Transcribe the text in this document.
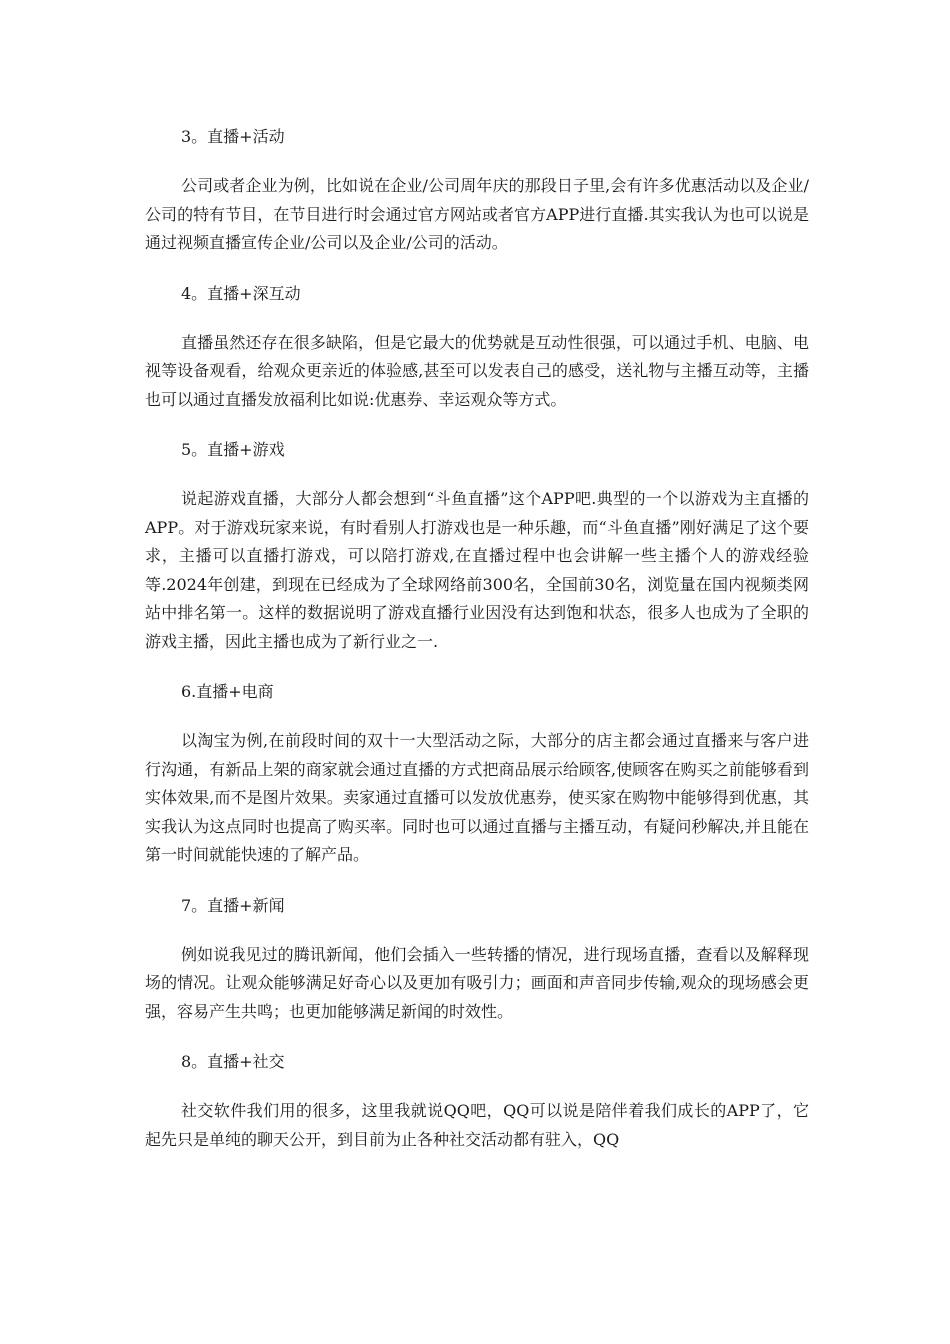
3。直播+活动

公司或者企业为例，比如说在企业/公司周年庆的那段日子里,会有许多优惠活动以及企业/公司的特有节目，在节目进行时会通过官方网站或者官方APP进行直播.其实我认为也可以说是通过视频直播宣传企业/公司以及企业/公司的活动。

4。直播+深互动

直播虽然还存在很多缺陷，但是它最大的优势就是互动性很强，可以通过手机、电脑、电视等设备观看，给观众更亲近的体验感,甚至可以发表自己的感受，送礼物与主播互动等，主播也可以通过直播发放福利比如说:优惠券、幸运观众等方式。

5。直播+游戏

说起游戏直播，大部分人都会想到“斗鱼直播”这个APP吧.典型的一个以游戏为主直播的APP。对于游戏玩家来说，有时看别人打游戏也是一种乐趣，而“斗鱼直播”刚好满足了这个要求，主播可以直播打游戏，可以陪打游戏,在直播过程中也会讲解一些主播个人的游戏经验等.2024年创建，到现在已经成为了全球网络前300名，全国前30名，浏览量在国内视频类网站中排名第一。这样的数据说明了游戏直播行业因没有达到饱和状态，很多人也成为了全职的游戏主播，因此主播也成为了新行业之一.

6.直播+电商

以淘宝为例,在前段时间的双十一大型活动之际，大部分的店主都会通过直播来与客户进行沟通，有新品上架的商家就会通过直播的方式把商品展示给顾客,使顾客在购买之前能够看到实体效果,而不是图片效果。卖家通过直播可以发放优惠券，使买家在购物中能够得到优惠，其实我认为这点同时也提高了购买率。同时也可以通过直播与主播互动，有疑问秒解决,并且能在第一时间就能快速的了解产品。

7。直播+新闻

例如说我见过的腾讯新闻，他们会插入一些转播的情况，进行现场直播，查看以及解释现场的情况。让观众能够满足好奇心以及更加有吸引力；画面和声音同步传输,观众的现场感会更强，容易产生共鸣；也更加能够满足新闻的时效性。

8。直播+社交

社交软件我们用的很多，这里我就说QQ吧，QQ可以说是陪伴着我们成长的APP了，它起先只是单纯的聊天公开，到目前为止各种社交活动都有驻入，QQ
